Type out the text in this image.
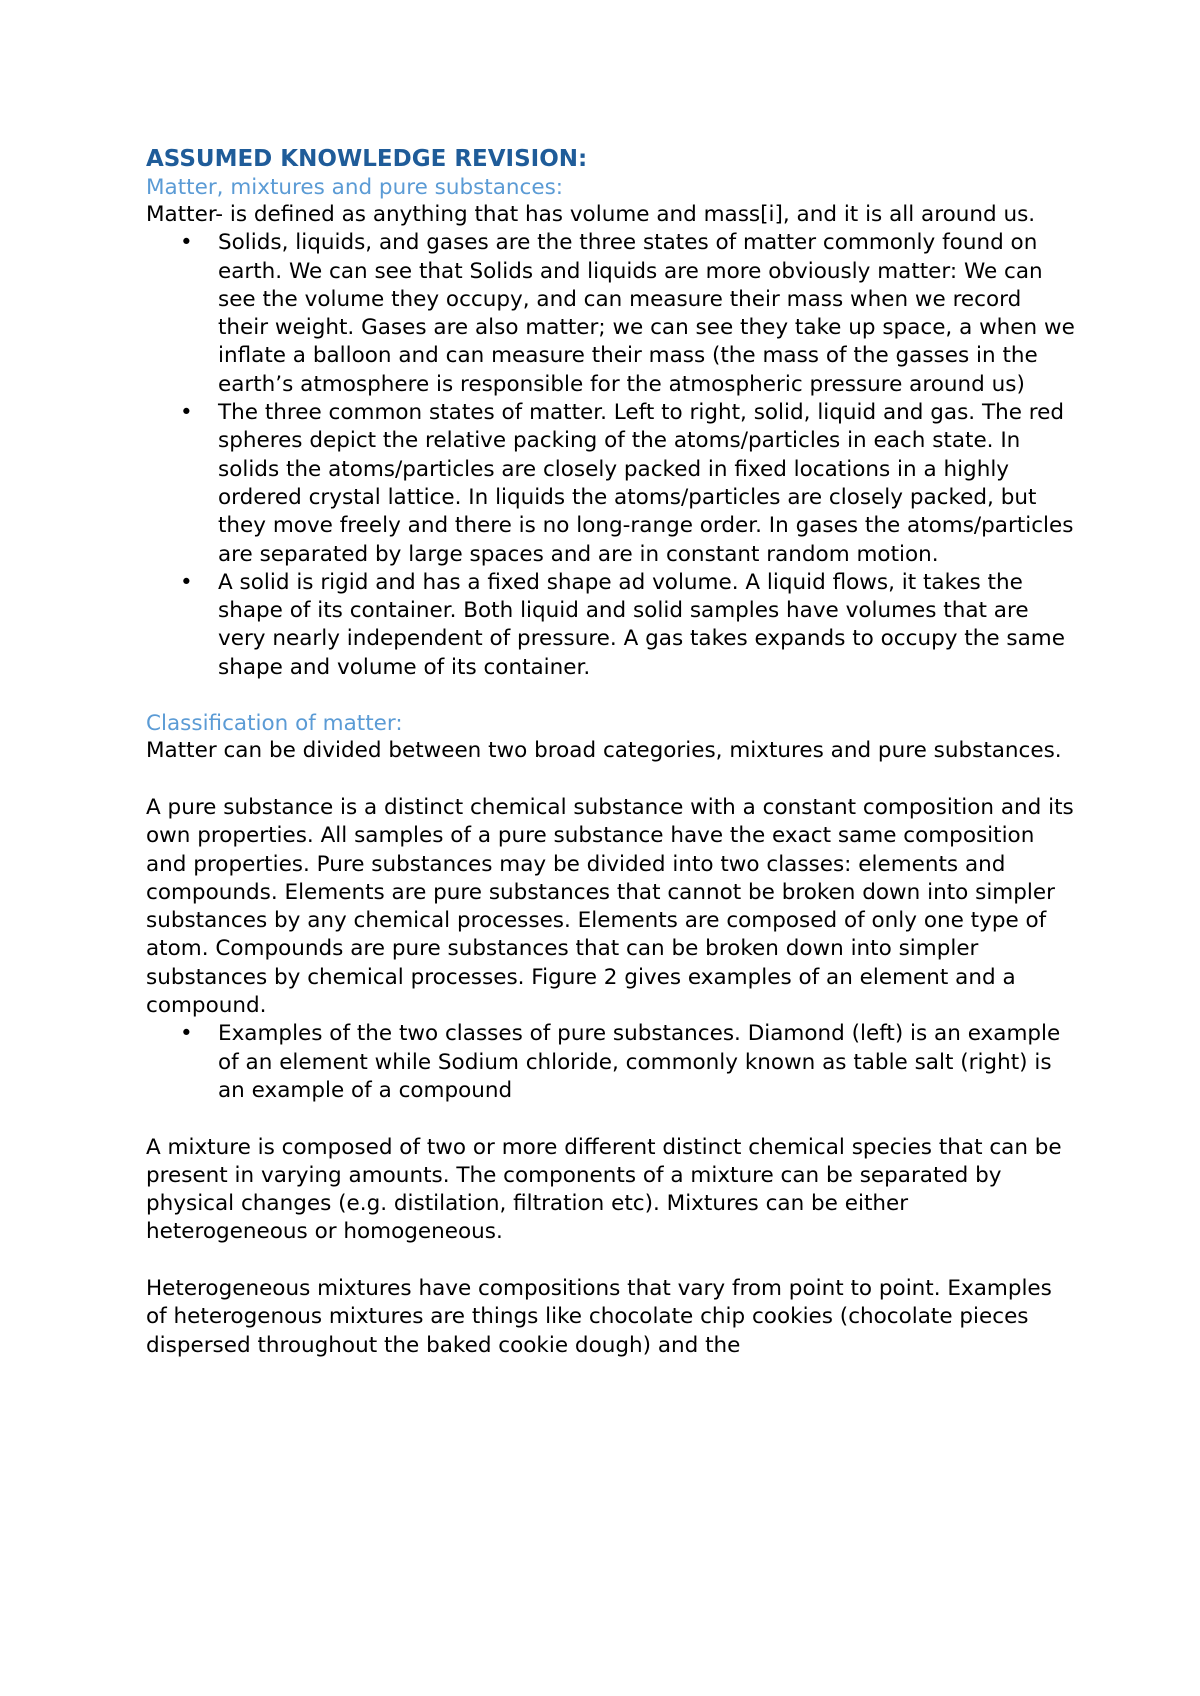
ASSUMED KNOWLEDGE REVISION:
Matter, mixtures and pure substances:

Matter- is defined as anything that has volume and mass[i], and it is all around us.

• Solids, liquids, and gases are the three states of matter commonly found on earth. We can see that Solids and liquids are more obviously matter: We can see the volume they occupy, and can measure their mass when we record their weight. Gases are also matter; we can see they take up space, a when we inflate a balloon and can measure their mass (the mass of the gasses in the earth’s atmosphere is responsible for the atmospheric pressure around us)
• The three common states of matter. Left to right, solid, liquid and gas. The red spheres depict the relative packing of the atoms/particles in each state. In solids the atoms/particles are closely packed in fixed locations in a highly ordered crystal lattice. In liquids the atoms/particles are closely packed, but they move freely and there is no long-range order. In gases the atoms/particles are separated by large spaces and are in constant random motion.
• A solid is rigid and has a fixed shape ad volume. A liquid flows, it takes the shape of its container. Both liquid and solid samples have volumes that are very nearly independent of pressure. A gas takes expands to occupy the same shape and volume of its container.
Classification of matter:

Matter can be divided between two broad categories, mixtures and pure substances.

A pure substance is a distinct chemical substance with a constant composition and its own properties. All samples of a pure substance have the exact same composition and properties. Pure substances may be divided into two classes: elements and compounds. Elements are pure substances that cannot be broken down into simpler substances by any chemical processes. Elements are composed of only one type of atom. Compounds are pure substances that can be broken down into simpler substances by chemical processes. Figure 2 gives examples of an element and a compound.

• Examples of the two classes of pure substances. Diamond (left) is an example of an element while Sodium chloride, commonly known as table salt (right) is an example of a compound

A mixture is composed of two or more different distinct chemical species that can be present in varying amounts. The components of a mixture can be separated by physical changes (e.g. distilation, filtration etc). Mixtures can be either heterogeneous or homogeneous.

Heterogeneous mixtures have compositions that vary from point to point. Examples of heterogenous mixtures are things like chocolate chip cookies (chocolate pieces dispersed throughout the baked cookie dough) and the
